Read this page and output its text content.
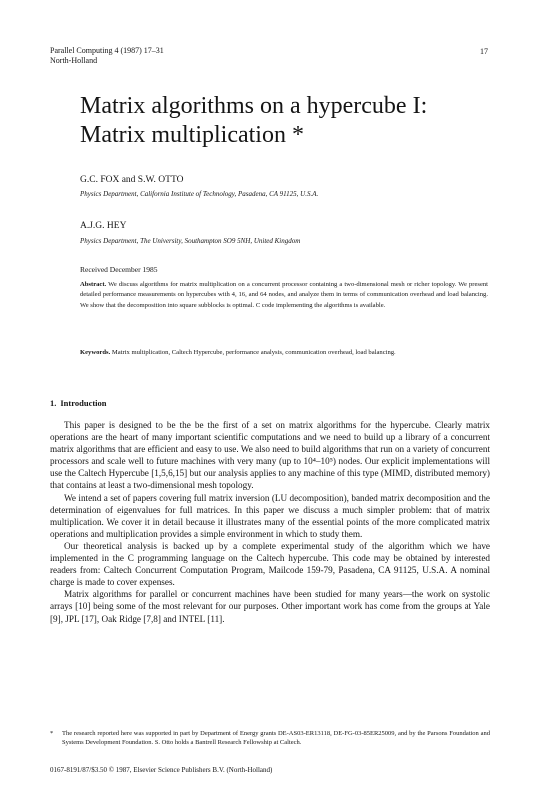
Parallel Computing 4 (1987) 17–31
North-Holland
17
Matrix algorithms on a hypercube I:
Matrix multiplication *
G.C. FOX and S.W. OTTO
Physics Department, California Institute of Technology, Pasadena, CA 91125, U.S.A.
A.J.G. HEY
Physics Department, The University, Southampton SO9 5NH, United Kingdom
Received December 1985

Abstract. We discuss algorithms for matrix multiplication on a concurrent processor containing a two-dimensional mesh or richer topology. We present detailed performance measurements on hypercubes with 4, 16, and 64 nodes, and analyze them in terms of communication overhead and load balancing. We show that the decomposition into square subblocks is optimal. C code implementing the algorithms is available.

Keywords. Matrix multiplication, Caltech Hypercube, performance analysis, communication overhead, load balancing.

1. Introduction

This paper is designed to be the be the first of a set on matrix algorithms for the hypercube. Clearly matrix operations are the heart of many important scientific computations and we need to build up a library of a concurrent matrix algorithms that are efficient and easy to use. We also need to build algorithms that run on a variety of concurrent processors and scale well to future machines with very many (up to 10⁴–10⁵) nodes. Our explicit implementations will use the Caltech Hypercube [1,5,6,15] but our analysis applies to any machine of this type (MIMD, distributed memory) that contains at least a two-dimensional mesh topology.

We intend a set of papers covering full matrix inversion (LU decomposition), banded matrix decomposition and the determination of eigenvalues for full matrices. In this paper we discuss a much simpler problem: that of matrix multiplication. We cover it in detail because it illustrates many of the essential points of the more complicated matrix operations and multiplication provides a simple environment in which to study them.

Our theoretical analysis is backed up by a complete experimental study of the algorithm which we have implemented in the C programming language on the Caltech hypercube. This code may be obtained by interested readers from: Caltech Concurrent Computation Program, Mailcode 159-79, Pasadena, CA 91125, U.S.A. A nominal charge is made to cover expenses.

Matrix algorithms for parallel or concurrent machines have been studied for many years—the work on systolic arrays [10] being some of the most relevant for our purposes. Other important work has come from the groups at Yale [9], JPL [17], Oak Ridge [7,8] and INTEL [11].

*	The research reported here was supported in part by Department of Energy grants DE-AS03-ER13118, DE-FG-03-85ER25009, and by the Parsons Foundation and Systems Development Foundation. S. Otto holds a Bantrell Research Fellowship at Caltech.
0167-8191/87/$3.50 © 1987, Elsevier Science Publishers B.V. (North-Holland)
